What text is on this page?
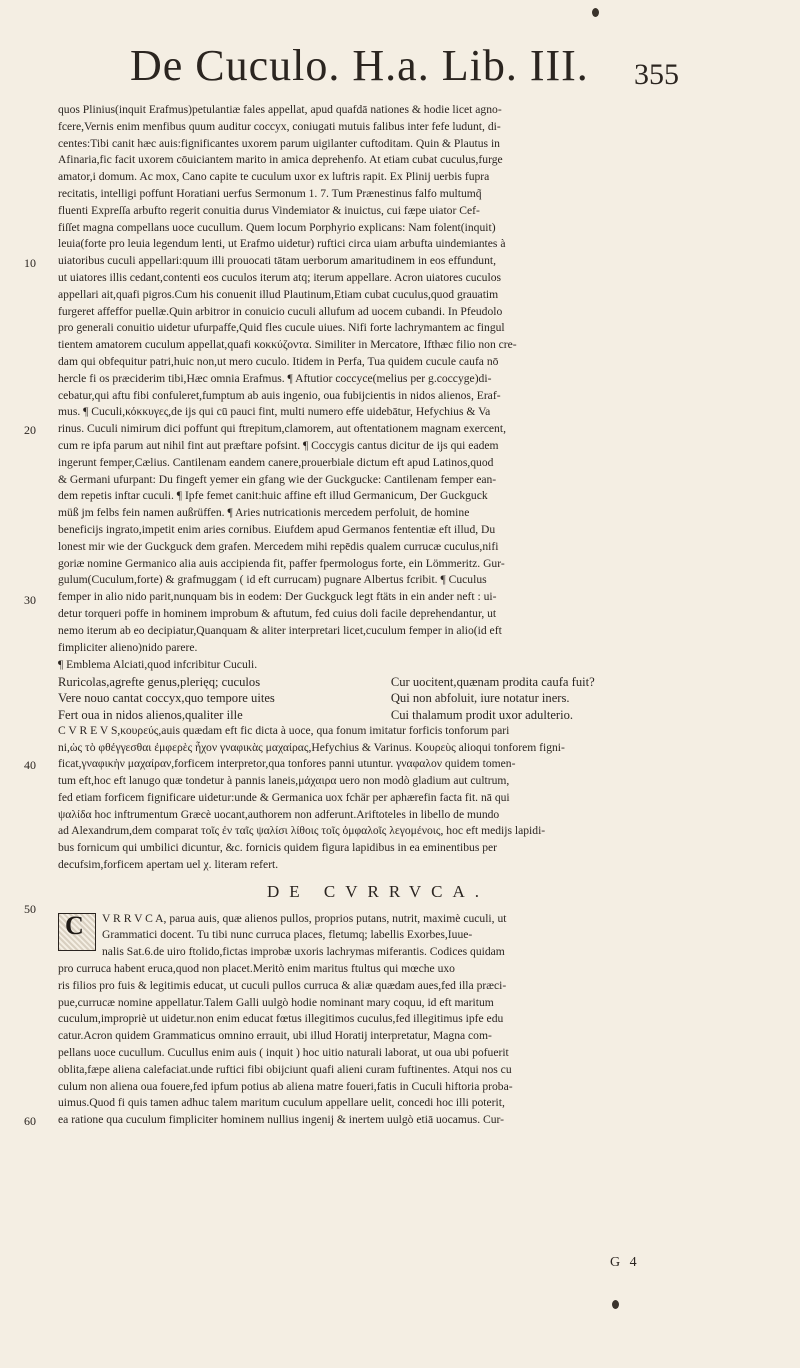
De Cuculo. H.a. Lib. III.	355
10
20
30
40
50
60
quos Plinius(inquit Erafmus)petulantiæ fales appellat, apud quafdā nationes & hodie licet agno-
fcere,Vernis enim menfibus quum auditur coccyx, coniugati mutuis falibus inter fefe ludunt, di-
centes:Tibi canit hæc auis:fignificantes uxorem parum uigilanter cuftoditam. Quin & Plautus in
Afinaria,fic facit uxorem cōuiciantem marito in amica deprehenfo. At etiam cubat cuculus,furge
amator,i domum. Ac mox, Cano capite te cuculum uxor ex luftris rapit. Ex Plinij uerbis fupra
recitatis, intelligi poffunt Horatiani uerfus Sermonum 1. 7. Tum Prænestinus falfo multumq̃
fluenti Expreſſa arbufto regerit conuitia durus Vindemiator & inuictus, cui fæpe uiator Cef-
fiſſet magna compellans uoce cucullum. Quem locum Porphyrio explicans: Nam folent(inquit)
leuia(forte pro leuia legendum lenti, ut Erafmo uidetur) ruftici circa uiam arbufta uindemiantes à
uiatoribus cuculi appellari:quum illi prouocati tātam uerborum amaritudinem in eos effundunt,
ut uiatores illis cedant,contenti eos cuculos iterum atq; iterum appellare. Acron uiatores cuculos
appellari ait,quafi pigros.Cum his conuenit illud Plautinum,Etiam cubat cuculus,quod grauatim
furgeret affeffor puellæ.Quin arbitror in conuicio cuculi allufum ad uocem cubandi. In Pfeudolo
pro generali conuitio uidetur ufurpaffe,Quid fles cucule uiues. Nifi forte lachrymantem ac fingul
tientem amatorem cuculum appellat,quafi κοκκύζοντα. Similiter in Mercatore, Ifthæc filio non cre-
dam qui obfequitur patri,huic non,ut mero cuculo. Itidem in Perfa, Tua quidem cucule caufa nō
hercle fi os præciderim tibi,Hæc omnia Erafmus. ¶ Aftutior coccyce(melius per g.coccyge)di-
cebatur,qui aftu fibi confuleret,fumptum ab auis ingenio, oua fubijcientis in nidos alienos, Eraf-
mus. ¶ Cuculi,κόκκυγες,de ijs qui cū pauci fint, multi numero effe uidebātur, Hefychius & Va
rinus. Cuculi nimirum dici poffunt qui ftrepitum,clamorem, aut oftentationem magnam exercent,
cum re ipfa parum aut nihil fint aut præftare pofsint. ¶ Coccygis cantus dicitur de ijs qui eadem
ingerunt femper,Cælius. Cantilenam eandem canere,prouerbiale dictum eft apud Latinos,quod
& Germani ufurpant: Du fingeft yemer ein gfang wie der Guckgucke: Cantilenam femper ean-
dem repetis inftar cuculi. ¶ Ipfe femet canit:huic affine eft illud Germanicum, Der Guckguck
müß jm felbs fein namen außrüffen. ¶ Aries nutricationis mercedem perfoluit, de homine
beneficijs ingrato,impetit enim aries cornibus. Eiufdem apud Germanos fententiæ eft illud, Du
lonest mir wie der Guckguck dem grafen. Mercedem mihi repēdis qualem currucæ cuculus,nifi
goriæ nomine Germanico alia auis accipienda fit, paffer fpermologus forte, ein Lömmeritz. Gur-
gulum(Cuculum,forte) & grafmuggam ( id eft currucam) pugnare Albertus fcribit. ¶ Cuculus
femper in alio nido parit,nunquam bis in eodem: Der Guckguck legt ftäts in ein ander neft : ui-
detur torqueri poffe in hominem improbum & aftutum, fed cuius doli facile deprehendantur, ut
nemo iterum ab eo decipiatur,Quanquam & aliter interpretari licet,cuculum femper in alio(id eft
fimpliciter alieno)nido parere.
¶ Emblema Alciati,quod infcribitur Cuculi.
Ruricolas,agrefte genus,plerięq; cuculos
Vere nouo cantat coccyx,quo tempore uites
Fert oua in nidos alienos,qualiter ille
Cur uocitent,quænam prodita caufa fuit?
Qui non abfoluit, iure notatur iners.
Cui thalamum prodit uxor adulterio.
C V R E V S,κουρεύς,auis quædam eft fic dicta à uoce, qua fonum imitatur forficis tonforum pari
ni,ὡς τὸ φθέγγεσθαι ἐμφερὲς ἦχον γναφικὰς μαχαίρας,Hefychius & Varinus. Κουρεὺς alioqui tonforem figni-
ficat,γναφικὴν μαχαίραν,forficem interpretor,qua tonfores panni utuntur. γναφαλον quidem tomen-
tum eft,hoc eft lanugo quæ tondetur à pannis laneis,μάχαιρα uero non modò gladium aut cultrum,
fed etiam forficem fignificare uidetur:unde & Germanica uox fchär per aphærefin facta fit. nā qui
ψαλίδα hoc inftrumentum Græcè uocant,authorem non adferunt.Ariftoteles in libello de mundo
ad Alexandrum,dem comparat τοῖς ἐν ταῖς ψαλίσι λίθοις τοῖς ὀμφαλοῖς λεγομένοις, hoc eft medijs lapidi-
bus fornicum qui umbilici dicuntur, &c. fornicis quidem figura lapidibus in ea eminentibus per
decufsim,forficem apertam uel χ. literam refert.
DE CVRRVCA.
C V R R V C A, parua auis, quæ alienos pullos, proprios putans, nutrit, maximè cuculi, ut
Grammatici docent. Tu tibi nunc curruca places, fletumq; labellis Exorbes,Iuue-
nalis Sat.6.de uiro ftolido,fictas improbæ uxoris lachrymas miferantis. Codices quidam
pro curruca habent eruca,quod non placet.Meritò enim maritus ftultus qui mœche uxo
ris filios pro fuis & legitimis educat, ut cuculi pullos curruca & aliæ quædam aues,fed illa præci-
pue,currucæ nomine appellatur.Talem Galli uulgò hodie nominant mary coquu, id eft maritum
cuculum,impropriè ut uidetur.non enim educat fœtus illegitimos cuculus,fed illegitimus ipfe edu
catur.Acron quidem Grammaticus omnino errauit, ubi illud Horatij interpretatur, Magna com-
pellans uoce cucullum. Cucullus enim auis ( inquit ) hoc uitio naturali laborat, ut oua ubi pofuerit
oblita,fæpe aliena calefaciat.unde ruftici fibi obijciunt quafi alieni curam fuftinentes. Atqui nos cu
culum non aliena oua fouere,fed ipfum potius ab aliena matre foueri,fatis in Cuculi hiftoria proba-
uimus.Quod fi quis tamen adhuc talem maritum cuculum appellare uelit, concedi hoc illi poterit,
ea ratione qua cuculum fimpliciter hominem nullius ingenij & inertem uulgò etiā uocamus. Cur-
G 4
